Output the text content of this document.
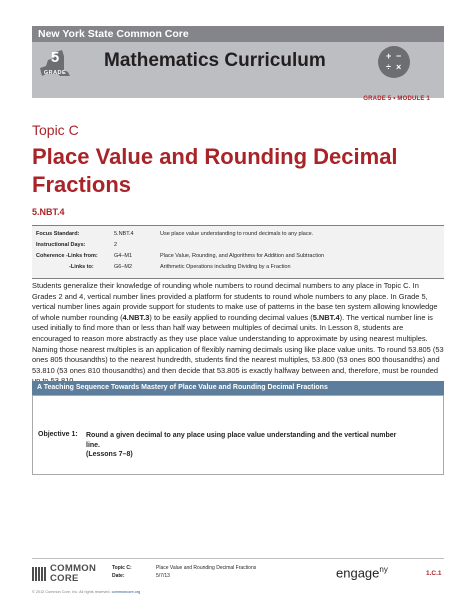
New York State Common Core
5
GRADE
Mathematics Curriculum	+ −
÷ ×
GRADE 5 • MODULE 1
Topic C
Place Value and Rounding Decimal Fractions
5.NBT.4
Focus Standard:	5.NBT.4	Use place value understanding to round decimals to any place.
Instructional Days:	2
Coherence -Links from:	G4–M1	Place Value, Rounding, and Algorithms for Addition and Subtraction
-Links to:	G6–M2	Arithmetic Operations including Dividing by a Fraction

Students generalize their knowledge of rounding whole numbers to round decimal numbers to any place in Topic C. In Grades 2 and 4, vertical number lines provided a platform for students to round whole numbers to any place. In Grade 5, vertical number lines again provide support for students to make use of patterns in the base ten system allowing knowledge of whole number rounding (4.NBT.3) to be easily applied to rounding decimal values (5.NBT.4). The vertical number line is used initially to find more than or less than half way between multiples of decimal units. In Lesson 8, students are encouraged to reason more abstractly as they use place value understanding to approximate by using nearest multiples. Naming those nearest multiples is an application of flexibly naming decimals using like place value units. To round 53.805 (53 ones 805 thousandths) to the nearest hundredth, students find the nearest multiples, 53.800 (53 ones 800 thousandths) and 53.810 (53 ones 810 thousandths) and then decide that 53.805 is exactly halfway between and, therefore, must be rounded

A Teaching Sequence Towards Mastery of Place Value and Rounding Decimal Fractions
Objective 1: Round a given decimal to any place using place value understanding and the vertical number line.
(Lessons 7–8)
COMMON
CORE
Topic C:	Place Value and Rounding Decimal Fractions
Date:	5/7/13	engage$^{ny}$	1.C.1
© 2012 Common Core, Inc. All rights reserved. commoncore.org
